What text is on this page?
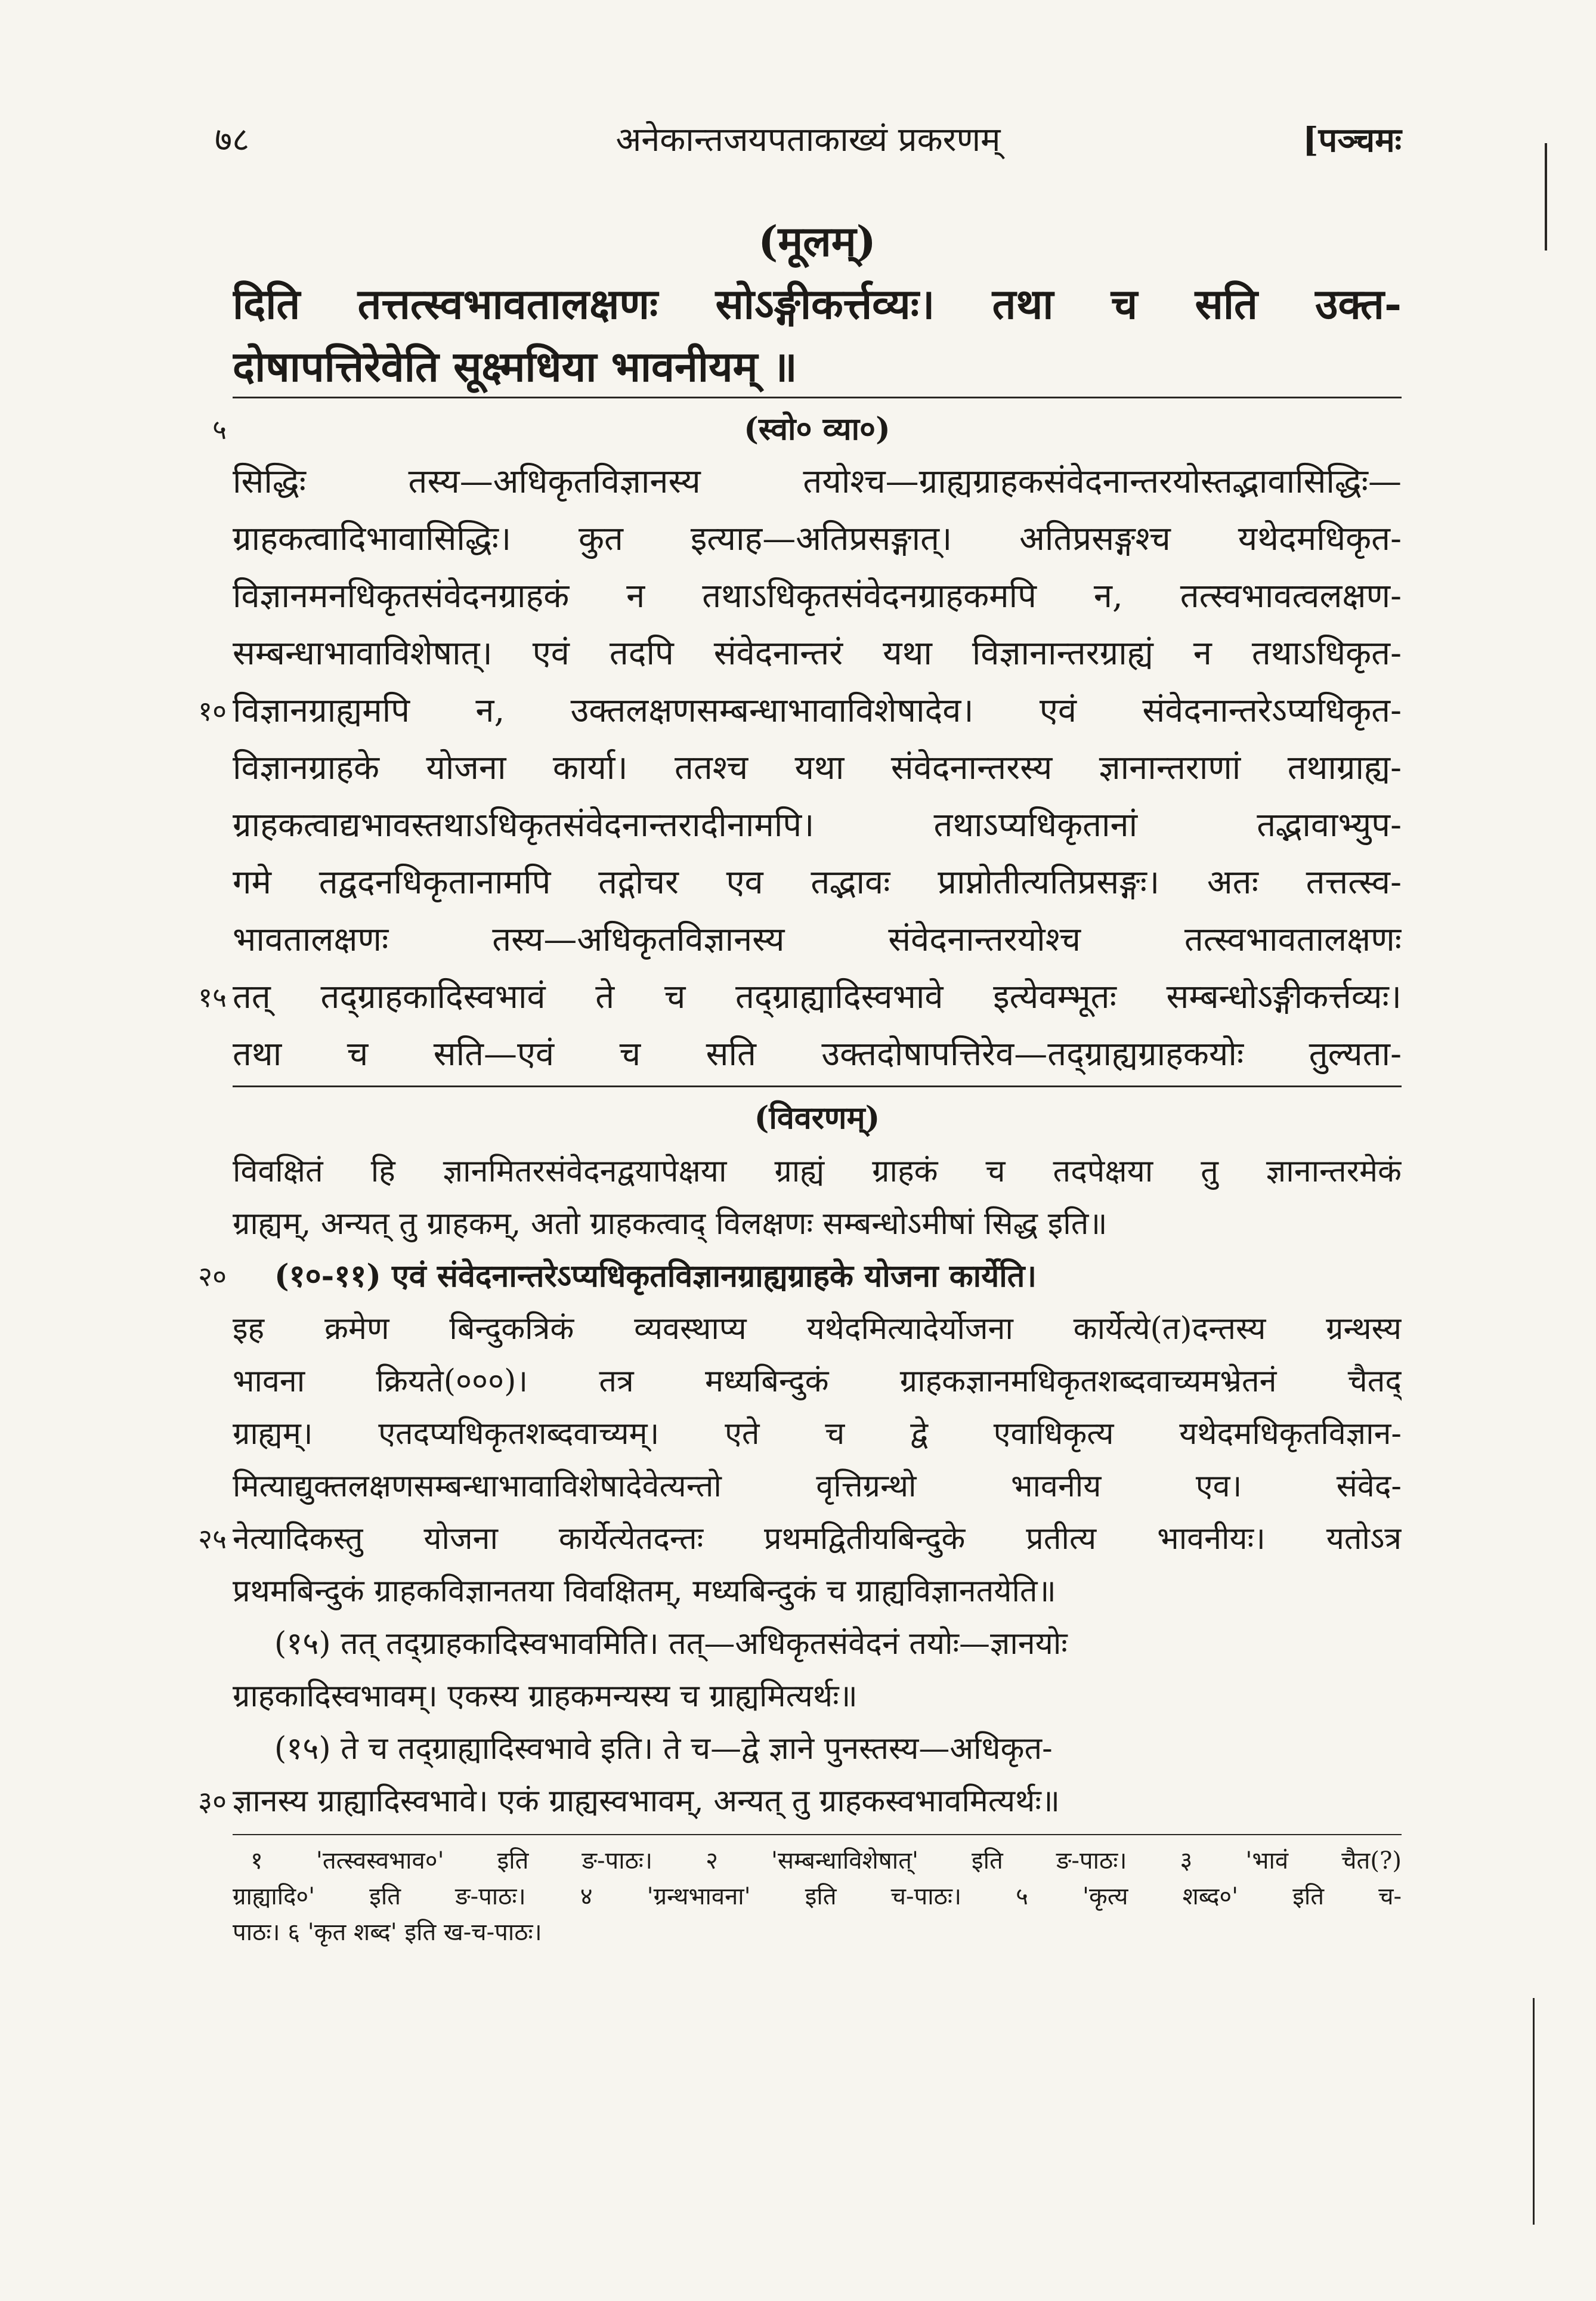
७८	अनेकान्तजयपताकाख्यं प्रकरणम्	[पञ्चमः
(मूलम्)
दिति तत्तत्स्वभावतालक्षणः सोऽङ्गीकर्त्तव्यः। तथा च सति उक्त-
दोषापत्तिरेवेति सूक्ष्मधिया भावनीयम् ॥
(स्वो० व्या०)
५
सिद्धिः तस्य—अधिकृतविज्ञानस्य तयोश्च—ग्राह्यग्राहकसंवेदनान्तरयोस्तद्भावासिद्धिः—
ग्राहकत्वादिभावासिद्धिः। कुत इत्याह—अतिप्रसङ्गात्। अतिप्रसङ्गश्च यथेदमधिकृत-
विज्ञानमनधिकृतसंवेदनग्राहकं न तथाऽधिकृतसंवेदनग्राहकमपि न, तत्स्वभावत्वलक्षण-
सम्बन्धाभावाविशेषात्। एवं तदपि संवेदनान्तरं यथा विज्ञानान्तरग्राह्यं न तथाऽधिकृत-
विज्ञानग्राह्यमपि न, उक्तलक्षणसम्बन्धाभावाविशेषादेव। एवं संवेदनान्तरेऽप्यधिकृत-
विज्ञानग्राहके योजना कार्या। ततश्च यथा संवेदनान्तरस्य ज्ञानान्तराणां तथाग्राह्य-
ग्राहकत्वाद्यभावस्तथाऽधिकृतसंवेदनान्तरादीनामपि। तथाऽप्यधिकृतानां तद्भावाभ्युप-
गमे तद्वदनधिकृतानामपि तद्गोचर एव तद्भावः प्राप्नोतीत्यतिप्रसङ्गः। अतः तत्तत्स्व-
भावतालक्षणः तस्य—अधिकृतविज्ञानस्य संवेदनान्तरयोश्च तत्स्वभावतालक्षणः
तत् तद्ग्राहकादिस्वभावं ते च तद्ग्राह्यादिस्वभावे इत्येवम्भूतः सम्बन्धोऽङ्गीकर्त्तव्यः।
तथा च सति—एवं च सति उक्तदोषापत्तिरेव—तद्ग्राह्यग्राहकयोः तुल्यता-
१०
१५
(विवरणम्)
विवक्षितं हि ज्ञानमितरसंवेदनद्वयापेक्षया ग्राह्यं ग्राहकं च तदपेक्षया तु ज्ञानान्तरमेकं
ग्राह्यम्, अन्यत् तु ग्राहकम्, अतो ग्राहकत्वाद् विलक्षणः सम्बन्धोऽमीषां सिद्ध इति॥
(१०-११) एवं संवेदनान्तरेऽप्यधिकृतविज्ञानग्राह्यग्राहके योजना कार्येति।
इह क्रमेण बिन्दुकत्रिकं व्यवस्थाप्य यथेदमित्यादेर्योजना कार्येत्ये(त)दन्तस्य ग्रन्थस्य
भावना क्रियते(०००)। तत्र मध्यबिन्दुकं ग्राहकज्ञानमधिकृतशब्दवाच्यमभ्रेतनं चैतद्
ग्राह्यम्। एतदप्यधिकृतशब्दवाच्यम्। एते च द्वे एवाधिकृत्य यथेदमधिकृतविज्ञान-
मित्याद्युक्तलक्षणसम्बन्धाभावाविशेषादेवेत्यन्तो वृत्तिग्रन्थो भावनीय एव। संवेद-
नेत्यादिकस्तु योजना कार्येत्येतदन्तः प्रथमद्वितीयबिन्दुके प्रतीत्य भावनीयः। यतोऽत्र
प्रथमबिन्दुकं ग्राहकविज्ञानतया विवक्षितम्, मध्यबिन्दुकं च ग्राह्यविज्ञानतयेति॥
(१५) तत् तद्ग्राहकादिस्वभावमिति। तत्—अधिकृतसंवेदनं तयोः—ज्ञानयोः
ग्राहकादिस्वभावम्। एकस्य ग्राहकमन्यस्य च ग्राह्यमित्यर्थः॥
(१५) ते च तद्ग्राह्यादिस्वभावे इति। ते च—द्वे ज्ञाने पुनस्तस्य—अधिकृत-
ज्ञानस्य ग्राह्यादिस्वभावे। एकं ग्राह्यस्वभावम्, अन्यत् तु ग्राहकस्वभावमित्यर्थः॥
२०
२५
३०
१ 'तत्स्वस्वभाव०' इति ङ-पाठः। २ 'सम्बन्धाविशेषात्' इति ङ-पाठः। ३ 'भावं चैत(?)
ग्राह्यादि०' इति ङ-पाठः। ४ 'ग्रन्थभावना' इति च-पाठः। ५ 'कृत्य शब्द०' इति च-
पाठः। ६ 'कृत शब्द' इति ख-च-पाठः।
